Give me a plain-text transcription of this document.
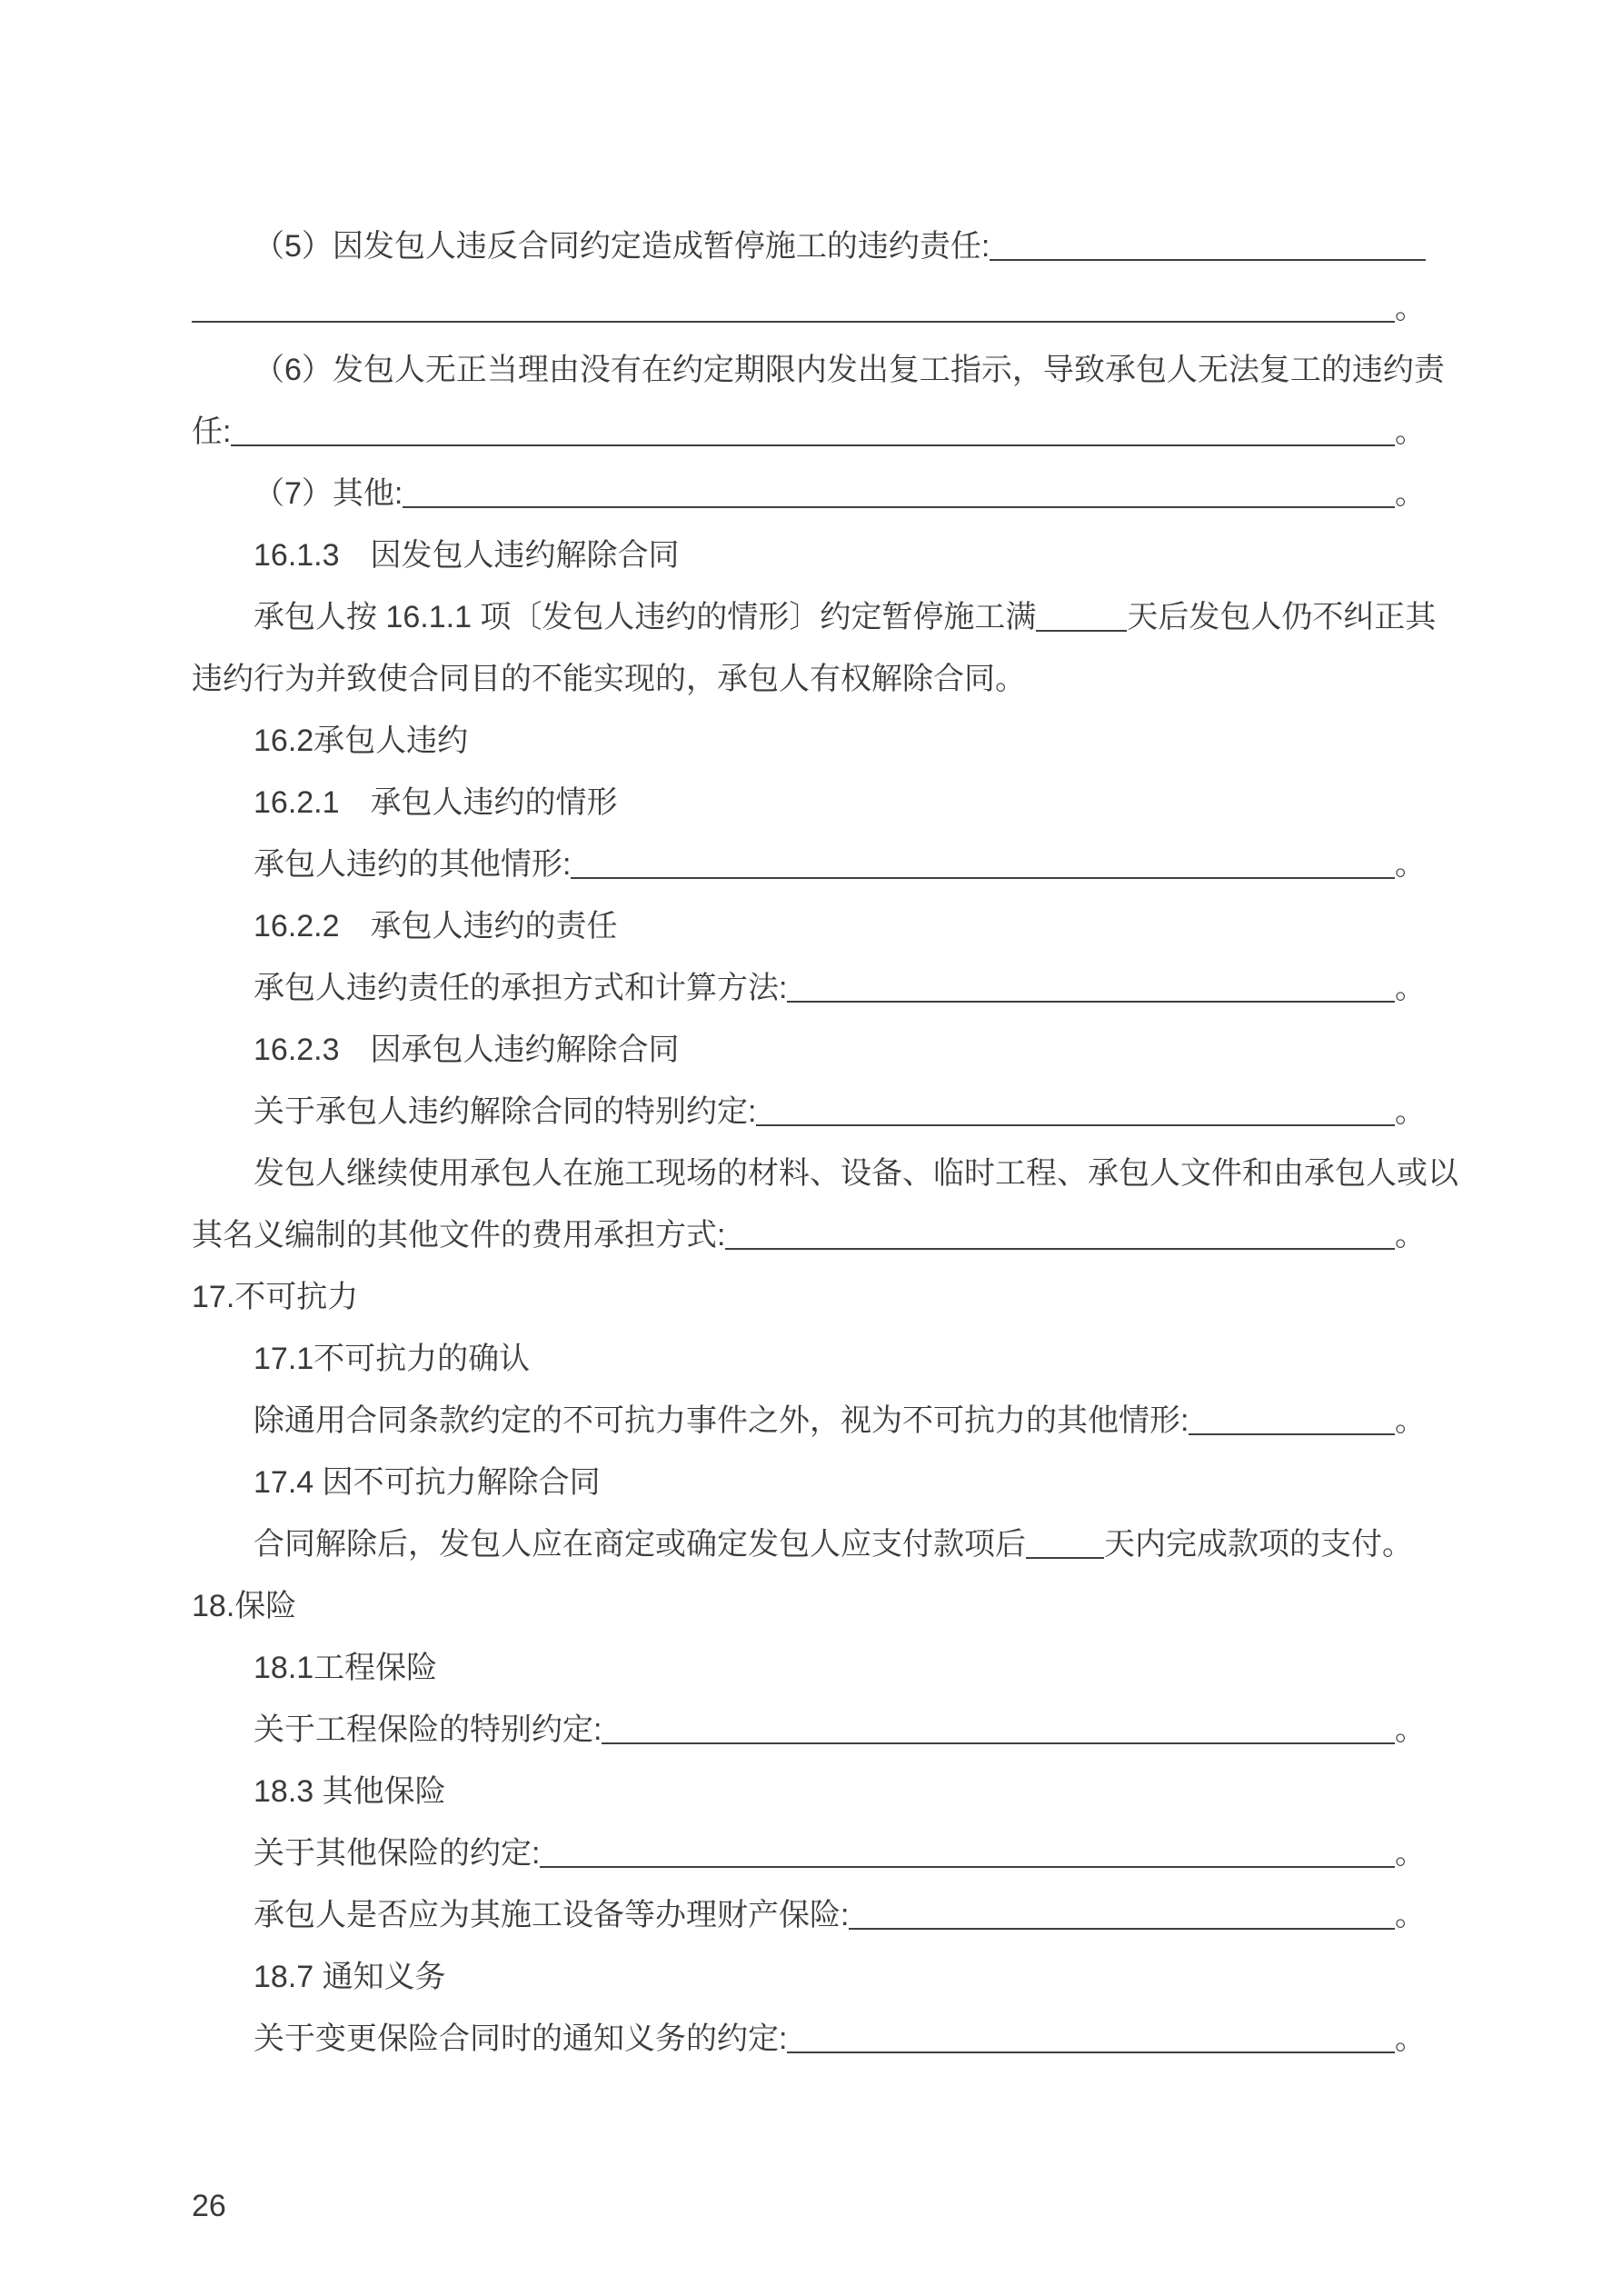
（5）因发包人违反合同约定造成暂停施工的违约责任:
。
（6）发包人无正当理由没有在约定期限内发出复工指示，导致承包人无法复工的违约责
任:	。
（7）其他:	。
16.1.3　因发包人违约解除合同
承包人按 16.1.1 项〔发包人违约的情形〕约定暂停施工满	天后发包人仍不纠正其
违约行为并致使合同目的不能实现的，承包人有权解除合同。
16.2承包人违约
16.2.1　承包人违约的情形
承包人违约的其他情形:	。
16.2.2　承包人违约的责任
承包人违约责任的承担方式和计算方法:	。
16.2.3　因承包人违约解除合同
关于承包人违约解除合同的特别约定:	。
发包人继续使用承包人在施工现场的材料、设备、临时工程、承包人文件和由承包人或以
其名义编制的其他文件的费用承担方式:	。
17.不可抗力
17.1不可抗力的确认
除通用合同条款约定的不可抗力事件之外，视为不可抗力的其他情形:	。
17.4 因不可抗力解除合同
合同解除后，发包人应在商定或确定发包人应支付款项后	天内完成款项的支付。
18.保险
18.1工程保险
关于工程保险的特别约定:	。
18.3 其他保险
关于其他保险的约定:	。
承包人是否应为其施工设备等办理财产保险:	。
18.7 通知义务
关于变更保险合同时的通知义务的约定:	。
26
